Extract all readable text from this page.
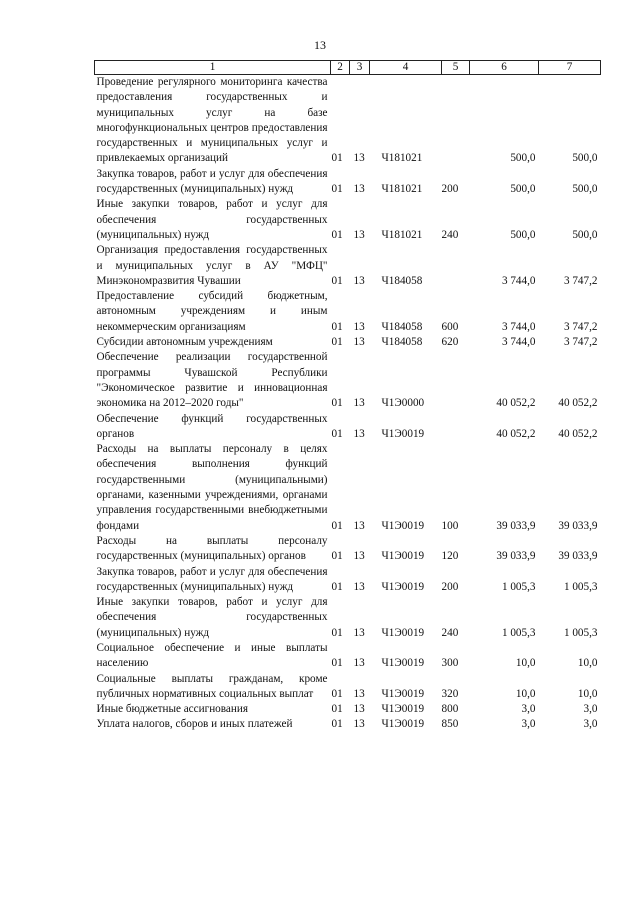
13
1	2	3	4	5	6	7
Проведение регулярного мониторинга качества предоставления государственных и муниципальных услуг на базе многофункциональных центров предоставления государственных и муниципальных услуг и привлекаемых организаций	01	13	Ч181021		500,0	500,0
Закупка товаров, работ и услуг для обеспечения государственных (муниципальных) нужд	01	13	Ч181021	200	500,0	500,0
Иные закупки товаров, работ и услуг для обеспечения государственных (муниципальных) нужд	01	13	Ч181021	240	500,0	500,0
Организация предоставления государственных и муниципальных услуг в АУ "МФЦ" Минэкономразвития Чувашии	01	13	Ч184058		3 744,0	3 747,2
Предоставление субсидий бюджетным, автономным учреждениям и иным некоммерческим организациям	01	13	Ч184058	600	3 744,0	3 747,2
Субсидии автономным учреждениям	01	13	Ч184058	620	3 744,0	3 747,2
Обеспечение реализации государственной программы Чувашской Республики "Экономическое развитие и инновационная экономика на 2012–2020 годы"	01	13	Ч1Э0000		40 052,2	40 052,2
Обеспечение функций государственных органов	01	13	Ч1Э0019		40 052,2	40 052,2
Расходы на выплаты персоналу в целях обеспечения выполнения функций государственными (муниципальными) органами, казенными учреждениями, органами управления государственными внебюджетными фондами	01	13	Ч1Э0019	100	39 033,9	39 033,9
Расходы на выплаты персоналу государственных (муниципальных) органов	01	13	Ч1Э0019	120	39 033,9	39 033,9
Закупка товаров, работ и услуг для обеспечения государственных (муниципальных) нужд	01	13	Ч1Э0019	200	1 005,3	1 005,3
Иные закупки товаров, работ и услуг для обеспечения государственных (муниципальных) нужд	01	13	Ч1Э0019	240	1 005,3	1 005,3
Социальное обеспечение и иные выплаты населению	01	13	Ч1Э0019	300	10,0	10,0
Социальные выплаты гражданам, кроме публичных нормативных социальных выплат	01	13	Ч1Э0019	320	10,0	10,0
Иные бюджетные ассигнования	01	13	Ч1Э0019	800	3,0	3,0
Уплата налогов, сборов и иных платежей	01	13	Ч1Э0019	850	3,0	3,0
